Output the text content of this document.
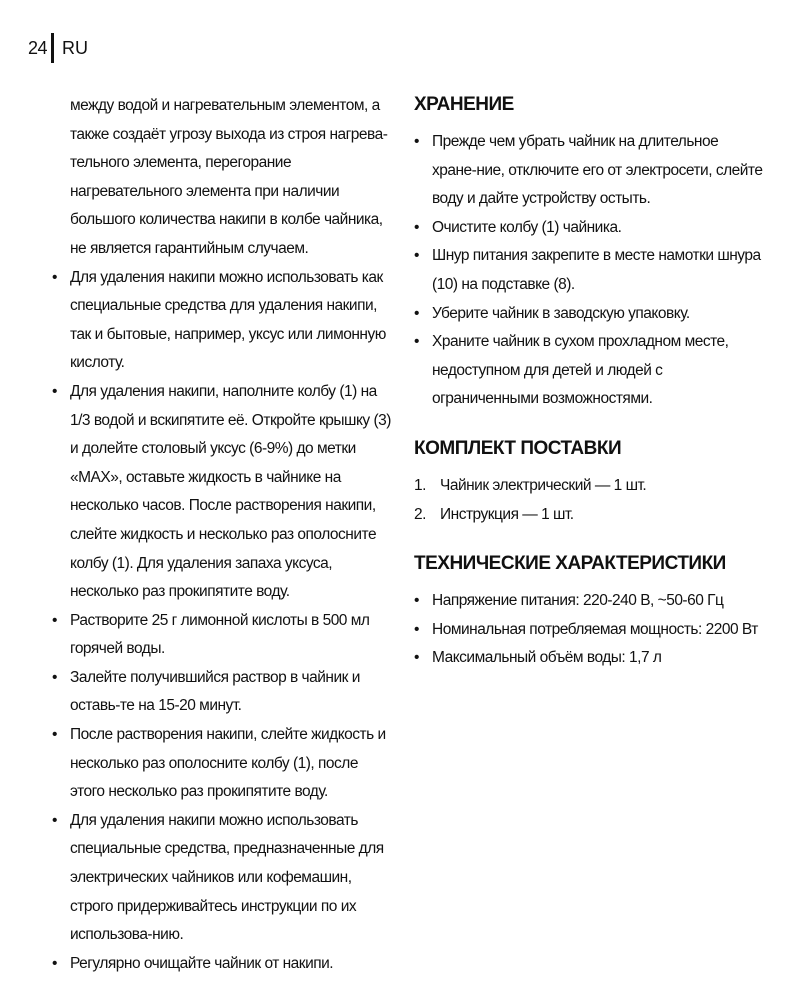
24 RU

между водой и нагревательным элементом, а также создаёт угрозу выхода из строя нагрева-тельного элемента, перегорание нагревательного элемента при наличии большого количества накипи в колбе чайника, не является гарантийным случаем.

• Для удаления накипи можно использовать как специальные средства для удаления накипи, так и бытовые, например, уксус или лимонную кислоту.
• Для удаления накипи, наполните колбу (1) на 1/3 водой и вскипятите её. Откройте крышку (3) и долейте столовый уксус (6-9%) до метки «MAX», оставьте жидкость в чайнике на несколько часов. После растворения накипи, слейте жидкость и несколько раз ополосните колбу (1). Для удаления запаха уксуса, несколько раз прокипятите воду.
• Растворите 25 г лимонной кислоты в 500 мл горячей воды.
• Залейте получившийся раствор в чайник и оставь-те на 15-20 минут.
• После растворения накипи, слейте жидкость и несколько раз ополосните колбу (1), после этого несколько раз прокипятите воду.
• Для удаления накипи можно использовать специальные средства, предназначенные для электрических чайников или кофемашин, строго придерживайтесь инструкции по их использова-нию.
• Регулярно очищайте чайник от накипи.
ХРАНЕНИЕ
• Прежде чем убрать чайник на длительное хране-ние, отключите его от электросети, слейте воду и дайте устройству остыть.
• Очистите колбу (1) чайника.
• Шнур питания закрепите в месте намотки шнура (10) на подставке (8).
• Уберите чайник в заводскую упаковку.
• Храните чайник в сухом прохладном месте, недоступном для детей и людей с ограниченными возможностями.
КОМПЛЕКТ ПОСТАВКИ
1. Чайник электрический — 1 шт.
2. Инструкция — 1 шт.
ТЕХНИЧЕСКИЕ ХАРАКТЕРИСТИКИ
• Напряжение питания: 220-240 В, ~50-60 Гц
• Номинальная потребляемая мощность: 2200 Вт
• Максимальный объём воды: 1,7 л
